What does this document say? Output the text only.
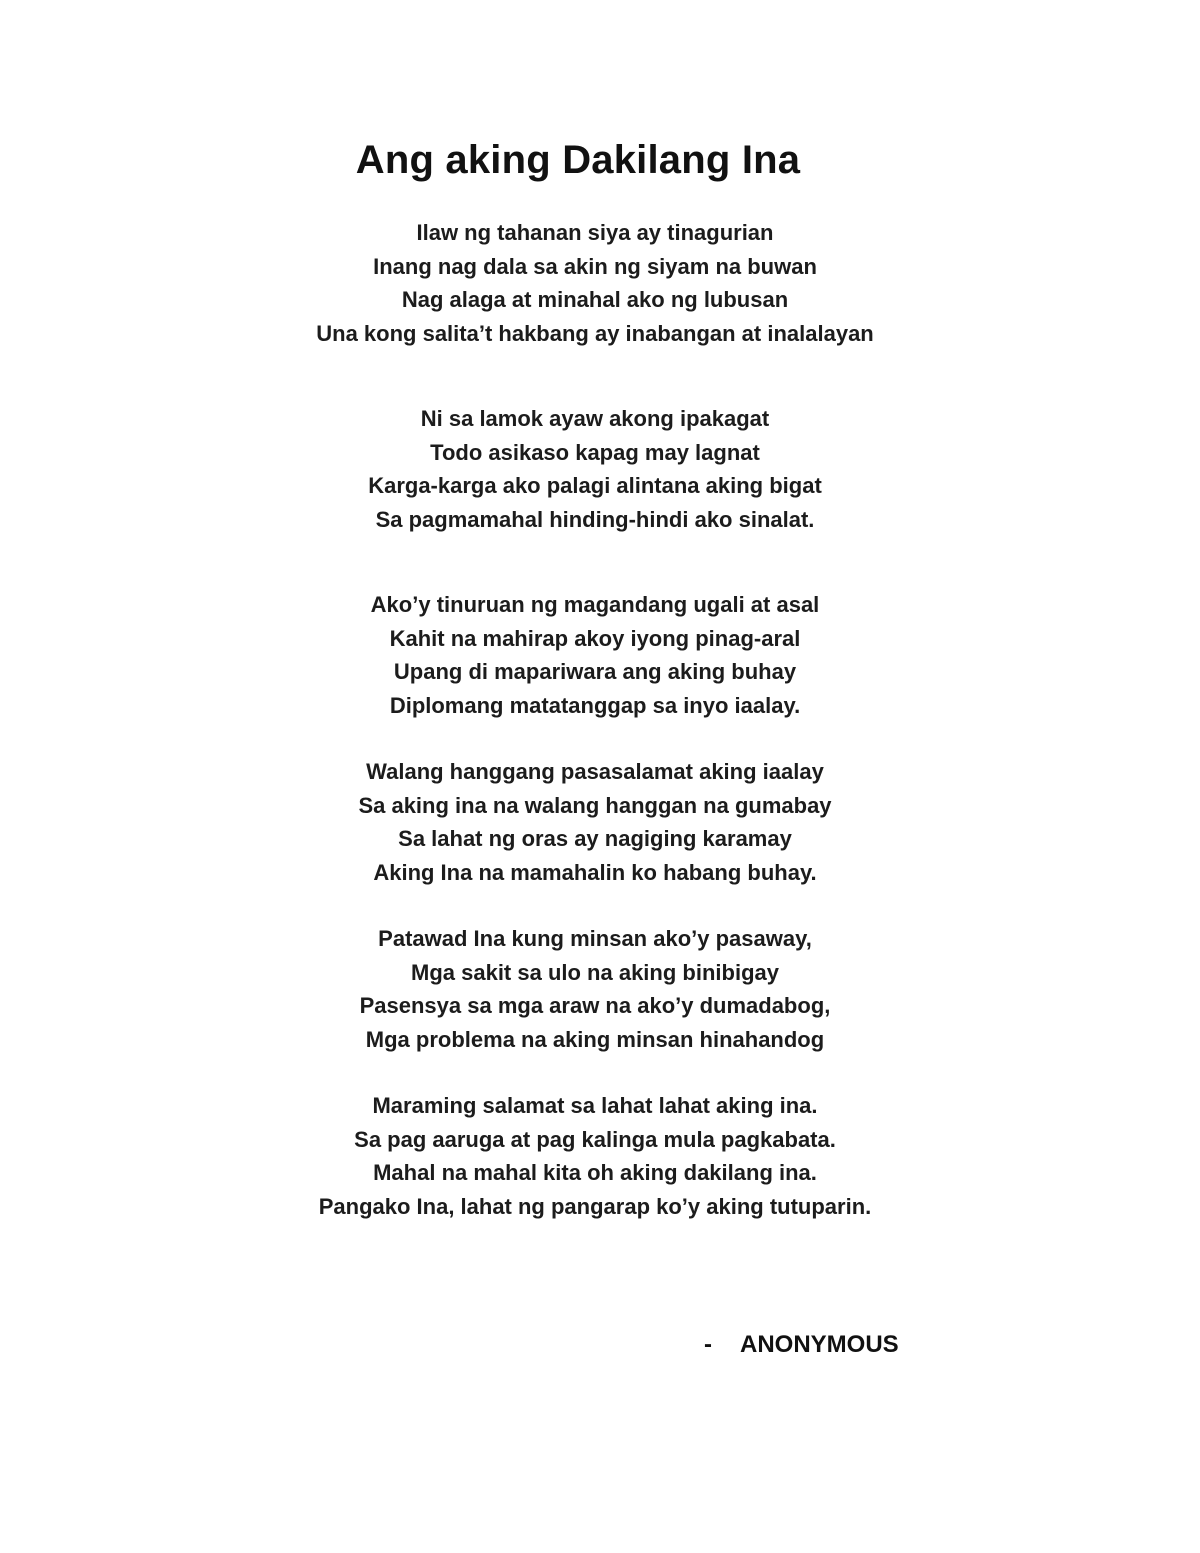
Ang aking Dakilang Ina
Ilaw ng tahanan siya ay tinagurian
Inang nag dala sa akin ng siyam na buwan
Nag alaga at minahal ako ng lubusan
Una kong salita’t hakbang ay inabangan at inalalayan
Ni sa lamok ayaw akong ipakagat
Todo asikaso kapag may lagnat
Karga-karga ako palagi alintana aking bigat
Sa pagmamahal hinding-hindi ako sinalat.
Ako’y tinuruan ng magandang ugali at asal
Kahit na mahirap akoy iyong pinag-aral
Upang di mapariwara ang aking buhay
Diplomang matatanggap sa inyo iaalay.
Walang hanggang pasasalamat aking iaalay
Sa aking ina na walang hanggan na gumabay
Sa lahat ng oras ay nagiging karamay
Aking Ina na mamahalin ko habang buhay.
Patawad Ina kung minsan ako’y pasaway,
Mga sakit sa ulo na aking binibigay
Pasensya sa mga araw na ako’y dumadabog,
Mga problema na aking minsan hinahandog
Maraming salamat sa lahat lahat aking ina.
Sa pag aaruga at pag kalinga mula pagkabata.
Mahal na mahal kita oh aking dakilang ina.
Pangako Ina, lahat ng pangarap ko’y aking tutuparin.
- ANONYMOUS
